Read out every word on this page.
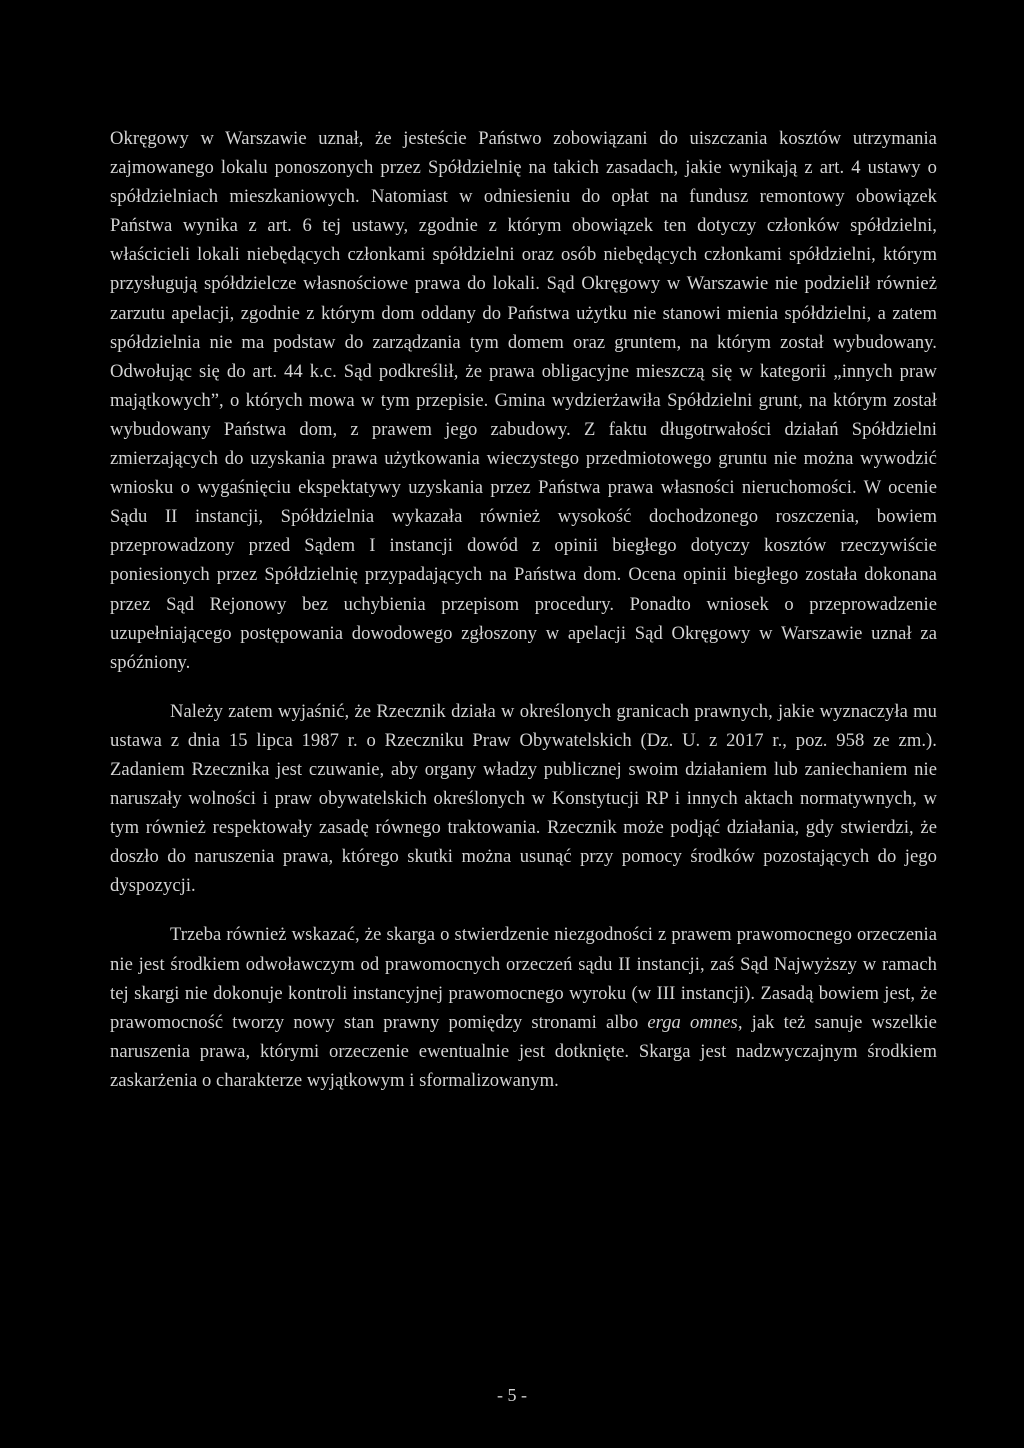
Okręgowy w Warszawie uznał, że jesteście Państwo zobowiązani do uiszczania kosztów utrzymania zajmowanego lokalu ponoszonych przez Spółdzielnię na takich zasadach, jakie wynikają z art. 4 ustawy o spółdzielniach mieszkaniowych. Natomiast w odniesieniu do opłat na fundusz remontowy obowiązek Państwa wynika z art. 6 tej ustawy, zgodnie z którym obowiązek ten dotyczy członków spółdzielni, właścicieli lokali niebędących członkami spółdzielni oraz osób niebędących członkami spółdzielni, którym przysługują spółdzielcze własnościowe prawa do lokali. Sąd Okręgowy w Warszawie nie podzielił również zarzutu apelacji, zgodnie z którym dom oddany do Państwa użytku nie stanowi mienia spółdzielni, a zatem spółdzielnia nie ma podstaw do zarządzania tym domem oraz gruntem, na którym został wybudowany. Odwołując się do art. 44 k.c. Sąd podkreślił, że prawa obligacyjne mieszczą się w kategorii „innych praw majątkowych”, o których mowa w tym przepisie. Gmina wydzierżawiła Spółdzielni grunt, na którym został wybudowany Państwa dom, z prawem jego zabudowy. Z faktu długotrwałości działań Spółdzielni zmierzających do uzyskania prawa użytkowania wieczystego przedmiotowego gruntu nie można wywodzić wniosku o wygaśnięciu ekspektatywy uzyskania przez Państwa prawa własności nieruchomości. W ocenie Sądu II instancji, Spółdzielnia wykazała również wysokość dochodzonego roszczenia, bowiem przeprowadzony przed Sądem I instancji dowód z opinii biegłego dotyczy kosztów rzeczywiście poniesionych przez Spółdzielnię przypadających na Państwa dom. Ocena opinii biegłego została dokonana przez Sąd Rejonowy bez uchybienia przepisom procedury. Ponadto wniosek o przeprowadzenie uzupełniającego postępowania dowodowego zgłoszony w apelacji Sąd Okręgowy w Warszawie uznał za spóźniony.

Należy zatem wyjaśnić, że Rzecznik działa w określonych granicach prawnych, jakie wyznaczyła mu ustawa z dnia 15 lipca 1987 r. o Rzeczniku Praw Obywatelskich (Dz. U. z 2017 r., poz. 958 ze zm.). Zadaniem Rzecznika jest czuwanie, aby organy władzy publicznej swoim działaniem lub zaniechaniem nie naruszały wolności i praw obywatelskich określonych w Konstytucji RP i innych aktach normatywnych, w tym również respektowały zasadę równego traktowania. Rzecznik może podjąć działania, gdy stwierdzi, że doszło do naruszenia prawa, którego skutki można usunąć przy pomocy środków pozostających do jego dyspozycji.

Trzeba również wskazać, że skarga o stwierdzenie niezgodności z prawem prawomocnego orzeczenia nie jest środkiem odwoławczym od prawomocnych orzeczeń sądu II instancji, zaś Sąd Najwyższy w ramach tej skargi nie dokonuje kontroli instancyjnej prawomocnego wyroku (w III instancji). Zasadą bowiem jest, że prawomocność tworzy nowy stan prawny pomiędzy stronami albo erga omnes, jak też sanuje wszelkie naruszenia prawa, którymi orzeczenie ewentualnie jest dotknięte. Skarga jest nadzwyczajnym środkiem zaskarżenia o charakterze wyjątkowym i sformalizowanym.

- 5 -
